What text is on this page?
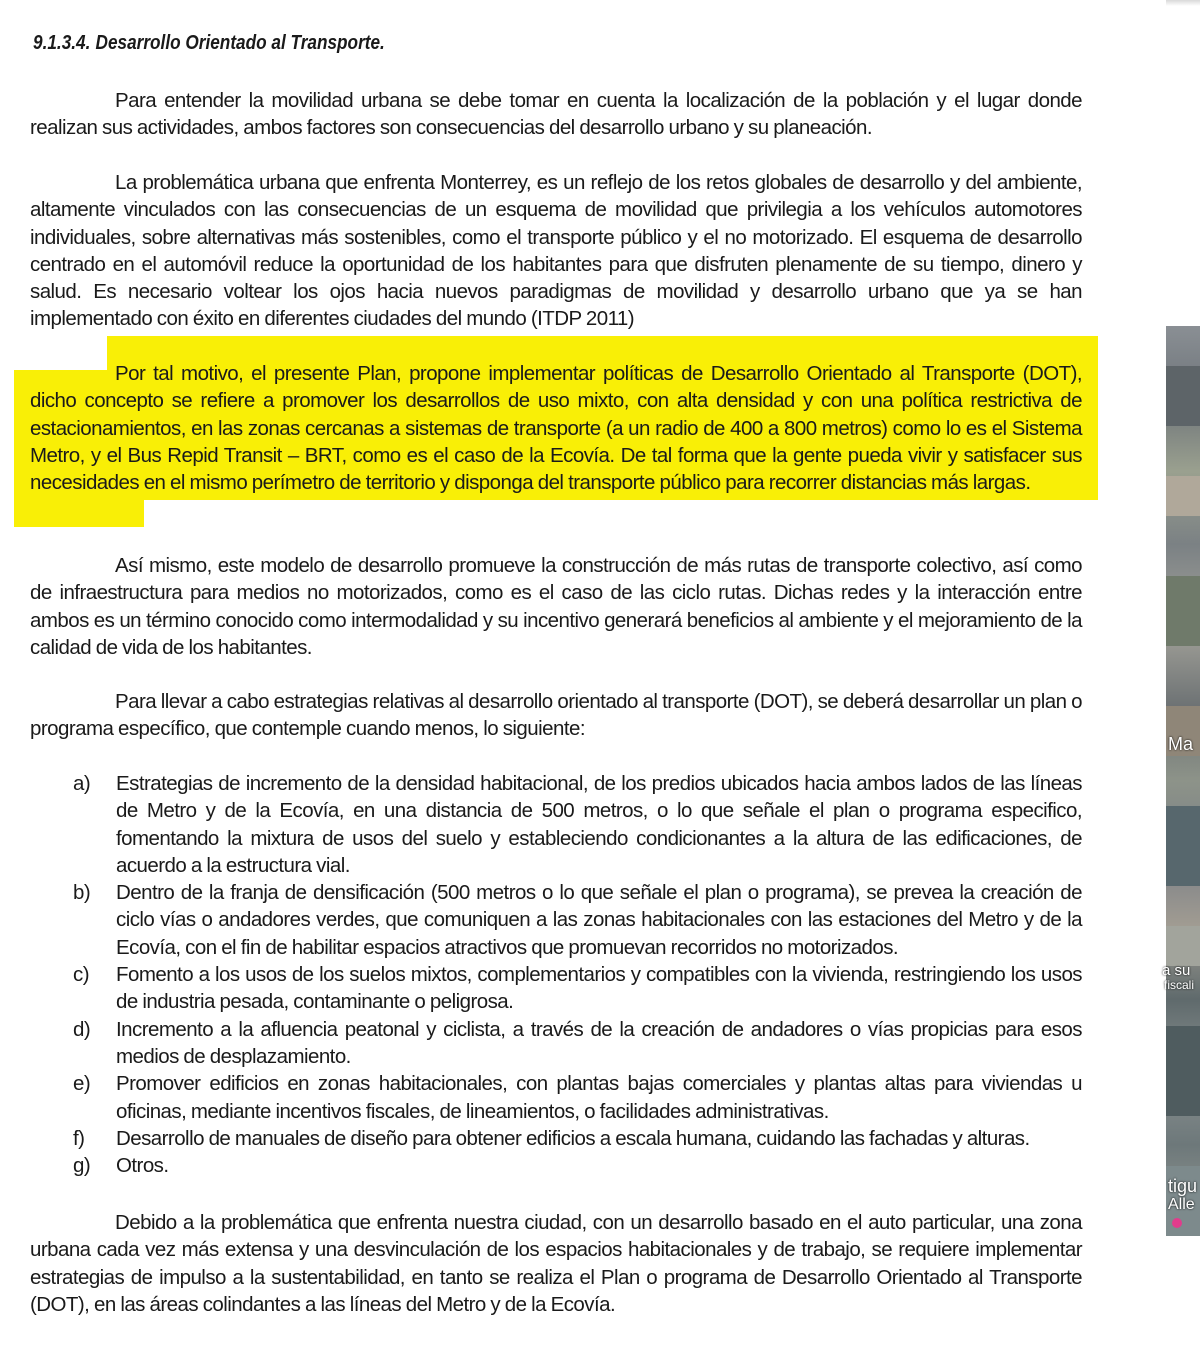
9.1.3.4. Desarrollo Orientado al Transporte.

Para entender la movilidad urbana se debe tomar en cuenta la localización de la población y el lugar donde realizan sus actividades, ambos factores son consecuencias del desarrollo urbano y su planeación.

La problemática urbana que enfrenta Monterrey, es un reflejo de los retos globales de desarrollo y del ambiente, altamente vinculados con las consecuencias de un esquema de movilidad que privilegia a los vehículos automotores individuales, sobre alternativas más sostenibles, como el transporte público y el no motorizado. El esquema de desarrollo centrado en el automóvil reduce la oportunidad de los habitantes para que disfruten plenamente de su tiempo, dinero y salud. Es necesario voltear los ojos hacia nuevos paradigmas de movilidad y desarrollo urbano que ya se han implementado con éxito en diferentes ciudades del mundo (ITDP 2011)

Por tal motivo, el presente Plan, propone implementar políticas de Desarrollo Orientado al Transporte (DOT), dicho concepto se refiere a promover los desarrollos de uso mixto, con alta densidad y con una política restrictiva de estacionamientos, en las zonas cercanas a sistemas de transporte (a un radio de 400 a 800 metros) como lo es el Sistema Metro, y el Bus Repid Transit – BRT, como es el caso de la Ecovía. De tal forma que la gente pueda vivir y satisfacer sus necesidades en el mismo perímetro de territorio y disponga del transporte público para recorrer distancias más largas.

Así mismo, este modelo de desarrollo promueve la construcción de más rutas de transporte colectivo, así como de infraestructura para medios no motorizados, como es el caso de las ciclo rutas. Dichas redes y la interacción entre ambos es un término conocido como intermodalidad y su incentivo generará beneficios al ambiente y el mejoramiento de la calidad de vida de los habitantes.

Para llevar a cabo estrategias relativas al desarrollo orientado al transporte (DOT), se deberá desarrollar un plan o programa específico, que contemple cuando menos, lo siguiente:

a) Estrategias de incremento de la densidad habitacional, de los predios ubicados hacia ambos lados de las líneas de Metro y de la Ecovía, en una distancia de 500 metros, o lo que señale el plan o programa especifico, fomentando la mixtura de usos del suelo y estableciendo condicionantes a la altura de las edificaciones, de acuerdo a la estructura vial.
b) Dentro de la franja de densificación (500 metros o lo que señale el plan o programa), se prevea la creación de ciclo vías o andadores verdes, que comuniquen a las zonas habitacionales con las estaciones del Metro y de la Ecovía, con el fin de habilitar espacios atractivos que promuevan recorridos no motorizados.
c) Fomento a los usos de los suelos mixtos, complementarios y compatibles con la vivienda, restringiendo los usos de industria pesada, contaminante o peligrosa.
d) Incremento a la afluencia peatonal y ciclista, a través de la creación de andadores o vías propicias para esos medios de desplazamiento.
e) Promover edificios en zonas habitacionales, con plantas bajas comerciales y plantas altas para viviendas u oficinas, mediante incentivos fiscales, de lineamientos, o facilidades administrativas.
f) Desarrollo de manuales de diseño para obtener edificios a escala humana, cuidando las fachadas y alturas.
g) Otros.

Debido a la problemática que enfrenta nuestra ciudad, con un desarrollo basado en el auto particular, una zona urbana cada vez más extensa y una desvinculación de los espacios habitacionales y de trabajo, se requiere implementar estrategias de impulso a la sustentabilidad, en tanto se realiza el Plan o programa de Desarrollo Orientado al Transporte (DOT), en las áreas colindantes a las líneas del Metro y de la Ecovía.

Ma
a su
fiscali
tigu
Alle
